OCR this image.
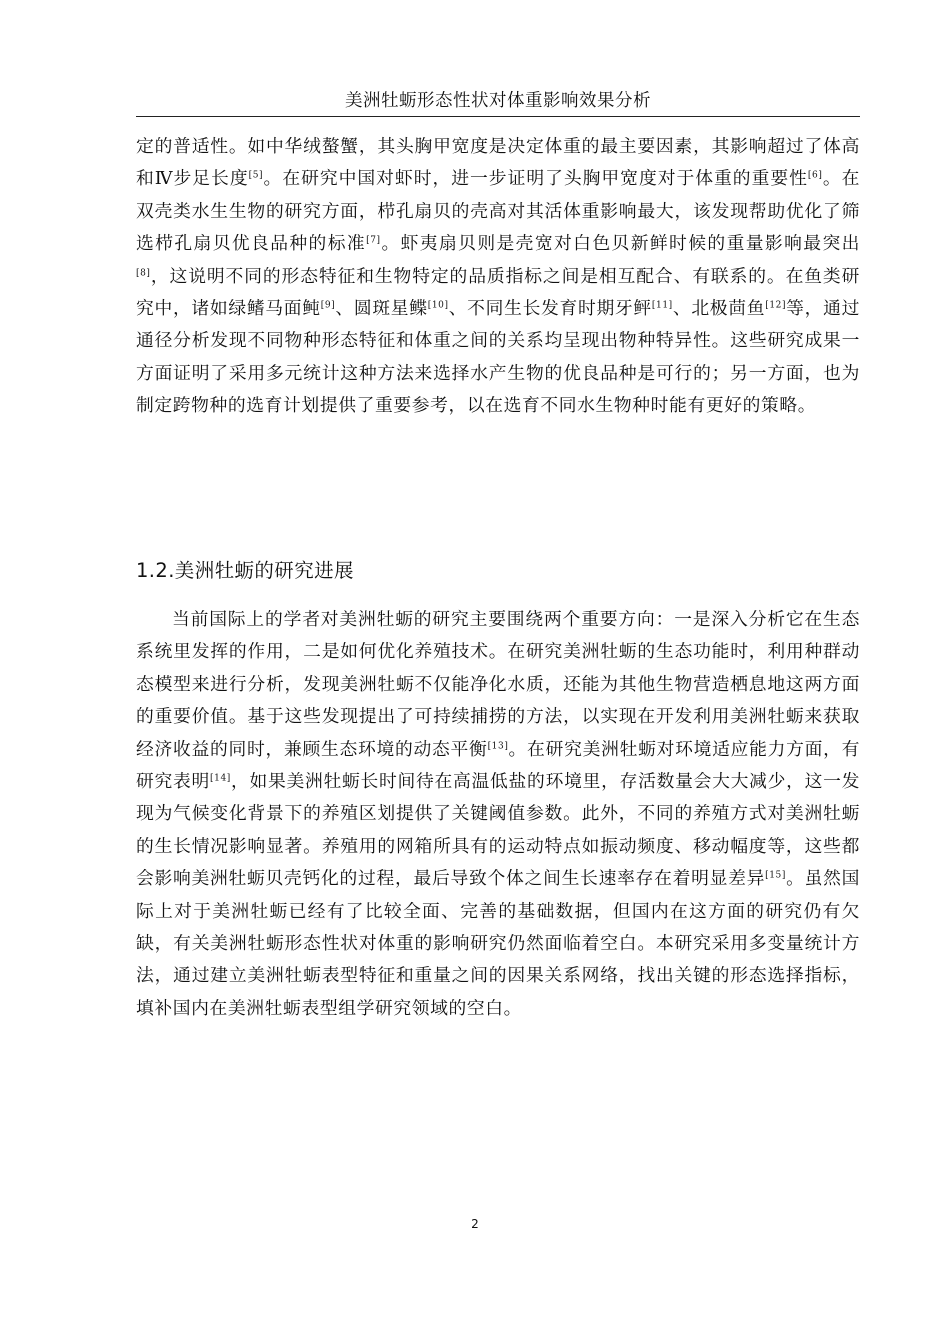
美洲牡蛎形态性状对体重影响效果分析

定的普适性。如中华绒螯蟹，其头胸甲宽度是决定体重的最主要因素，其影响超过了体高和Ⅳ步足长度[5]。在研究中国对虾时，进一步证明了头胸甲宽度对于体重的重要性[6]。在双壳类水生生物的研究方面，栉孔扇贝的壳高对其活体重影响最大，该发现帮助优化了筛选栉孔扇贝优良品种的标准[7]。虾夷扇贝则是壳宽对白色贝新鲜时候的重量影响最突出[8]，这说明不同的形态特征和生物特定的品质指标之间是相互配合、有联系的。在鱼类研究中，诸如绿鳍马面鲀[9]、圆斑星鲽[10]、不同生长发育时期牙鲆[11]、北极茴鱼[12]等，通过通径分析发现不同物种形态特征和体重之间的关系均呈现出物种特异性。这些研究成果一方面证明了采用多元统计这种方法来选择水产生物的优良品种是可行的；另一方面，也为制定跨物种的选育计划提供了重要参考，以在选育不同水生物种时能有更好的策略。

1.2.美洲牡蛎的研究进展

当前国际上的学者对美洲牡蛎的研究主要围绕两个重要方向：一是深入分析它在生态系统里发挥的作用，二是如何优化养殖技术。在研究美洲牡蛎的生态功能时，利用种群动态模型来进行分析，发现美洲牡蛎不仅能净化水质，还能为其他生物营造栖息地这两方面的重要价值。基于这些发现提出了可持续捕捞的方法，以实现在开发利用美洲牡蛎来获取经济收益的同时，兼顾生态环境的动态平衡[13]。在研究美洲牡蛎对环境适应能力方面，有研究表明[14]，如果美洲牡蛎长时间待在高温低盐的环境里，存活数量会大大减少，这一发现为气候变化背景下的养殖区划提供了关键阈值参数。此外，不同的养殖方式对美洲牡蛎的生长情况影响显著。养殖用的网箱所具有的运动特点如振动频度、移动幅度等，这些都会影响美洲牡蛎贝壳钙化的过程，最后导致个体之间生长速率存在着明显差异[15]。虽然国际上对于美洲牡蛎已经有了比较全面、完善的基础数据，但国内在这方面的研究仍有欠缺，有关美洲牡蛎形态性状对体重的影响研究仍然面临着空白。本研究采用多变量统计方法，通过建立美洲牡蛎表型特征和重量之间的因果关系网络，找出关键的形态选择指标，填补国内在美洲牡蛎表型组学研究领域的空白。

2
